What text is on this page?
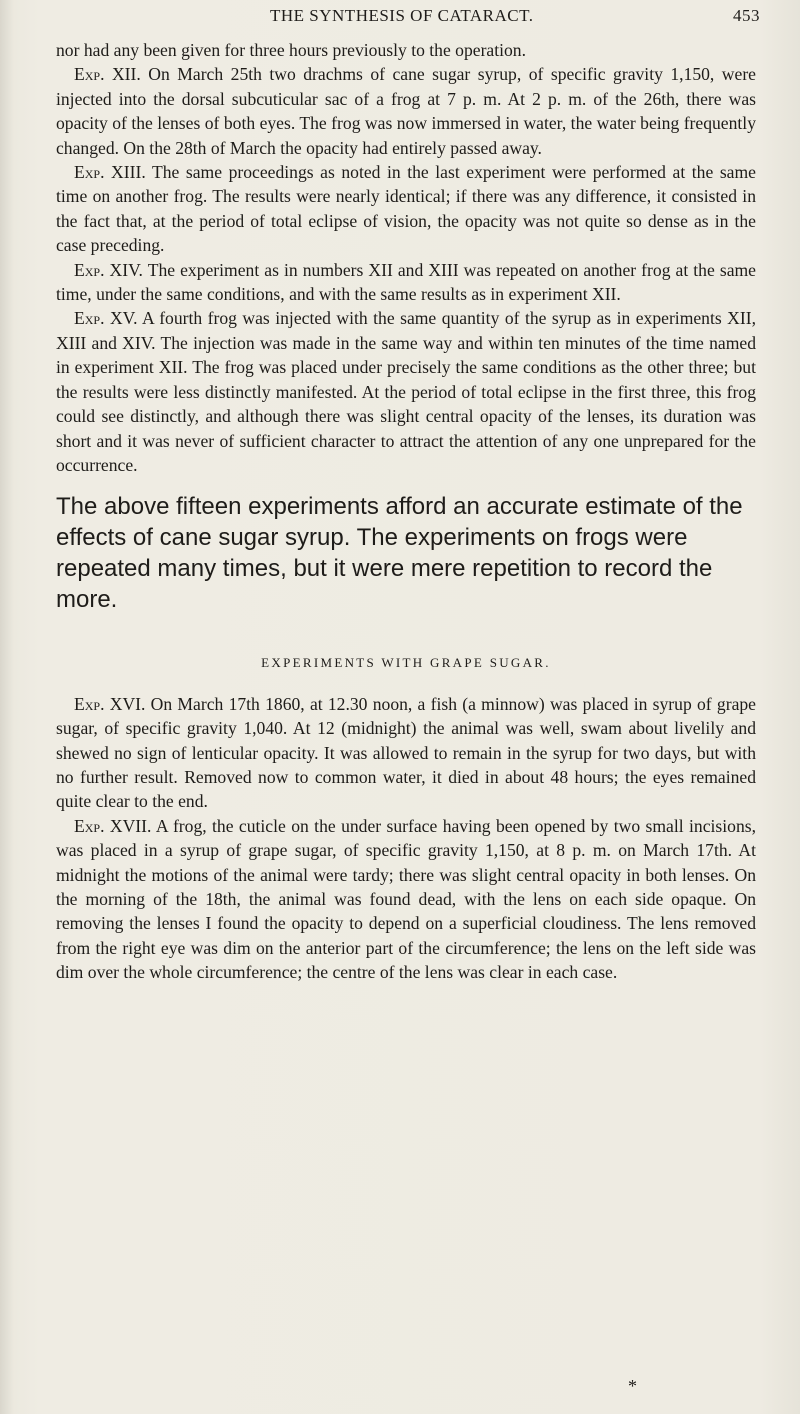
THE SYNTHESIS OF CATARACT.	453

nor had any been given for three hours previously to the operation.

Exp. XII. On March 25th two drachms of cane sugar syrup, of specific gravity 1,150, were injected into the dorsal subcuticular sac of a frog at 7 p. m. At 2 p. m. of the 26th, there was opacity of the lenses of both eyes. The frog was now immersed in water, the water being frequently changed. On the 28th of March the opacity had entirely passed away.

Exp. XIII. The same proceedings as noted in the last experiment were performed at the same time on another frog. The results were nearly identical; if there was any difference, it consisted in the fact that, at the period of total eclipse of vision, the opacity was not quite so dense as in the case preceding.

Exp. XIV. The experiment as in numbers XII and XIII was repeated on another frog at the same time, under the same conditions, and with the same results as in experiment XII.

Exp. XV. A fourth frog was injected with the same quantity of the syrup as in experiments XII, XIII and XIV. The injection was made in the same way and within ten minutes of the time named in experiment XII. The frog was placed under precisely the same conditions as the other three; but the results were less distinctly manifested. At the period of total eclipse in the first three, this frog could see distinctly, and although there was slight central opacity of the lenses, its duration was short and it was never of sufficient character to attract the attention of any one unprepared for the occurrence.

The above fifteen experiments afford an accurate estimate of the effects of cane sugar syrup. The experiments on frogs were repeated many times, but it were mere repetition to record the more.

EXPERIMENTS WITH GRAPE SUGAR.

Exp. XVI. On March 17th 1860, at 12.30 noon, a fish (a minnow) was placed in syrup of grape sugar, of specific gravity 1,040. At 12 (midnight) the animal was well, swam about livelily and shewed no sign of lenticular opacity. It was allowed to remain in the syrup for two days, but with no further result. Removed now to common water, it died in about 48 hours; the eyes remained quite clear to the end.

Exp. XVII. A frog, the cuticle on the under surface having been opened by two small incisions, was placed in a syrup of grape sugar, of specific gravity 1,150, at 8 p. m. on March 17th. At midnight the motions of the animal were tardy; there was slight central opacity in both lenses. On the morning of the 18th, the animal was found dead, with the lens on each side opaque. On removing the lenses I found the opacity to depend on a superficial cloudiness. The lens removed from the right eye was dim on the anterior part of the circumference; the lens on the left side was dim over the whole circumference; the centre of the lens was clear in each case.

*
